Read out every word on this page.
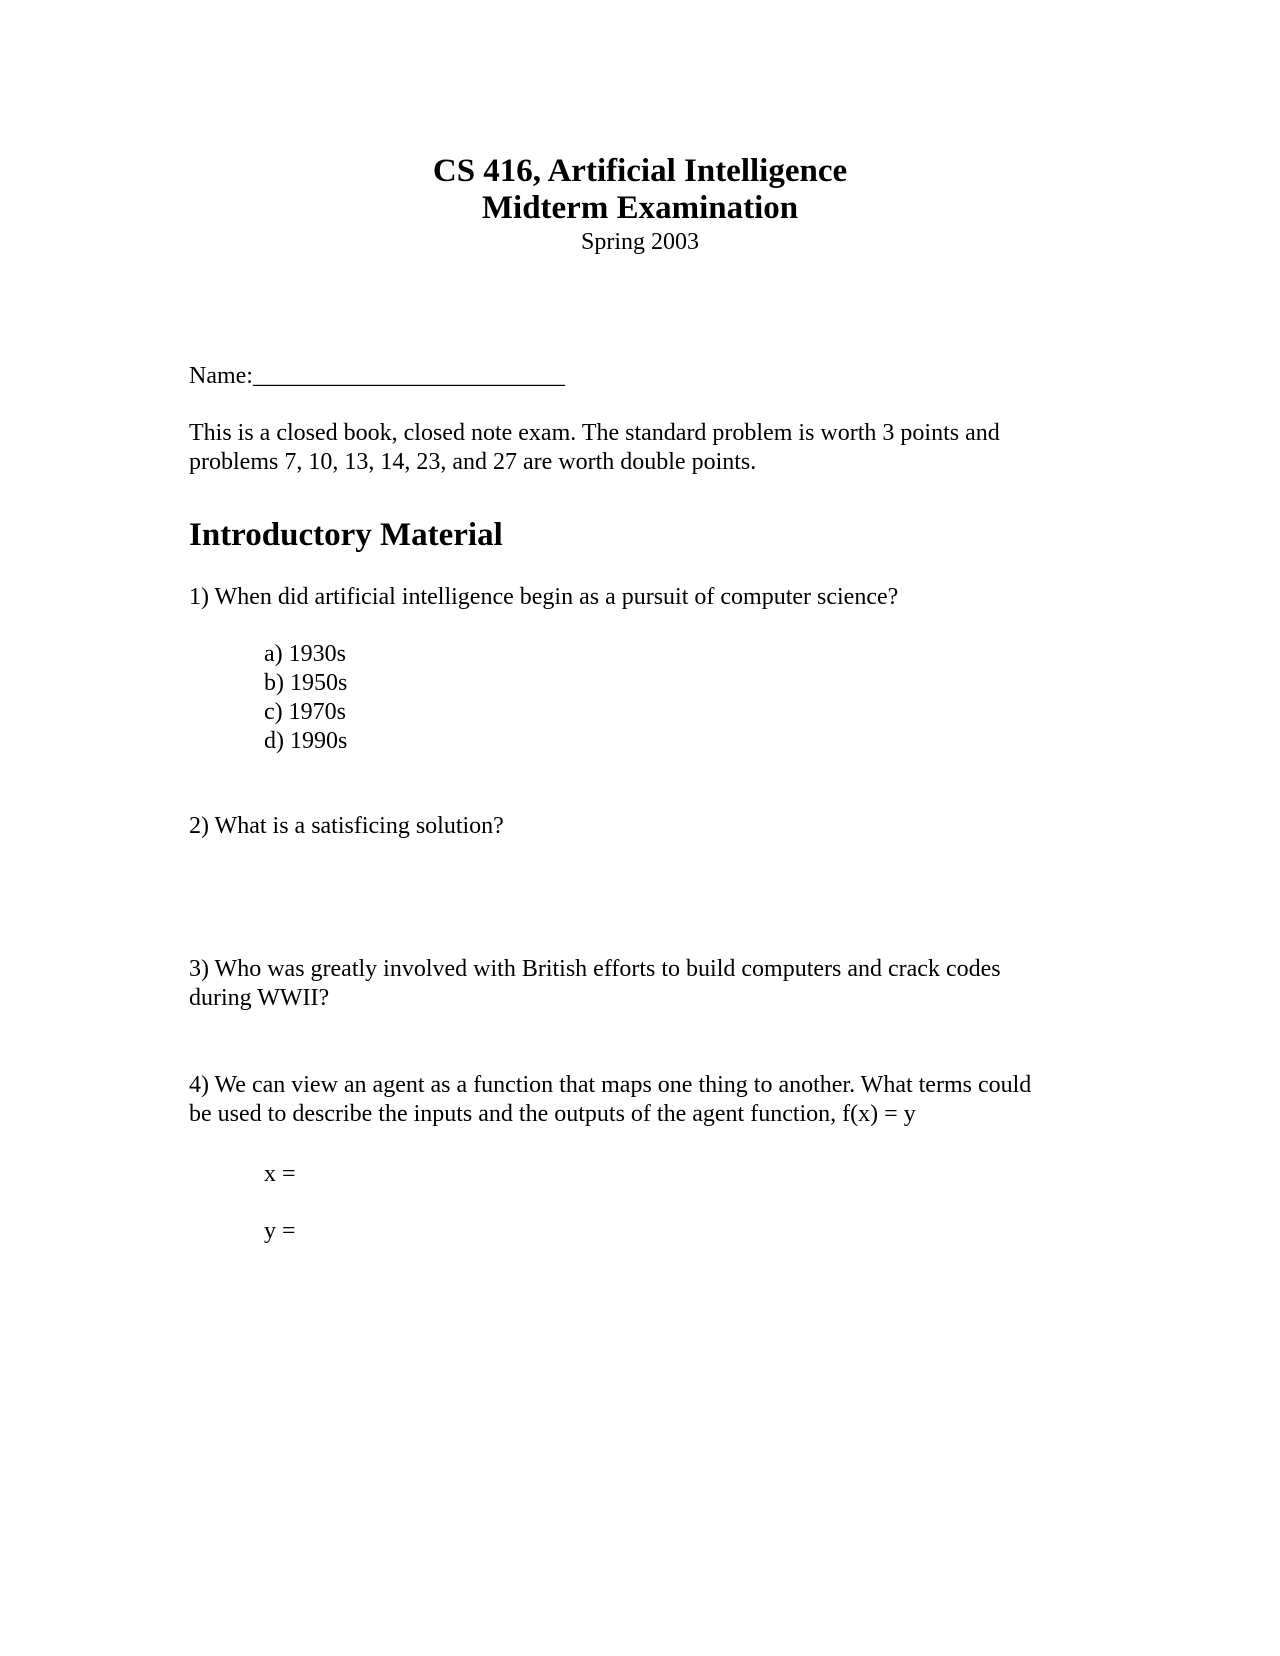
CS 416, Artificial Intelligence
Midterm Examination
Spring 2003
Name:__________________________
This is a closed book, closed note exam. The standard problem is worth 3 points and
problems 7, 10, 13, 14, 23, and 27 are worth double points.
Introductory Material
1) When did artificial intelligence begin as a pursuit of computer science?
a) 1930s
b) 1950s
c) 1970s
d) 1990s
2) What is a satisficing solution?
3) Who was greatly involved with British efforts to build computers and crack codes
during WWII?
4) We can view an agent as a function that maps one thing to another. What terms could
be used to describe the inputs and the outputs of the agent function, f(x) = y
x =
y =
